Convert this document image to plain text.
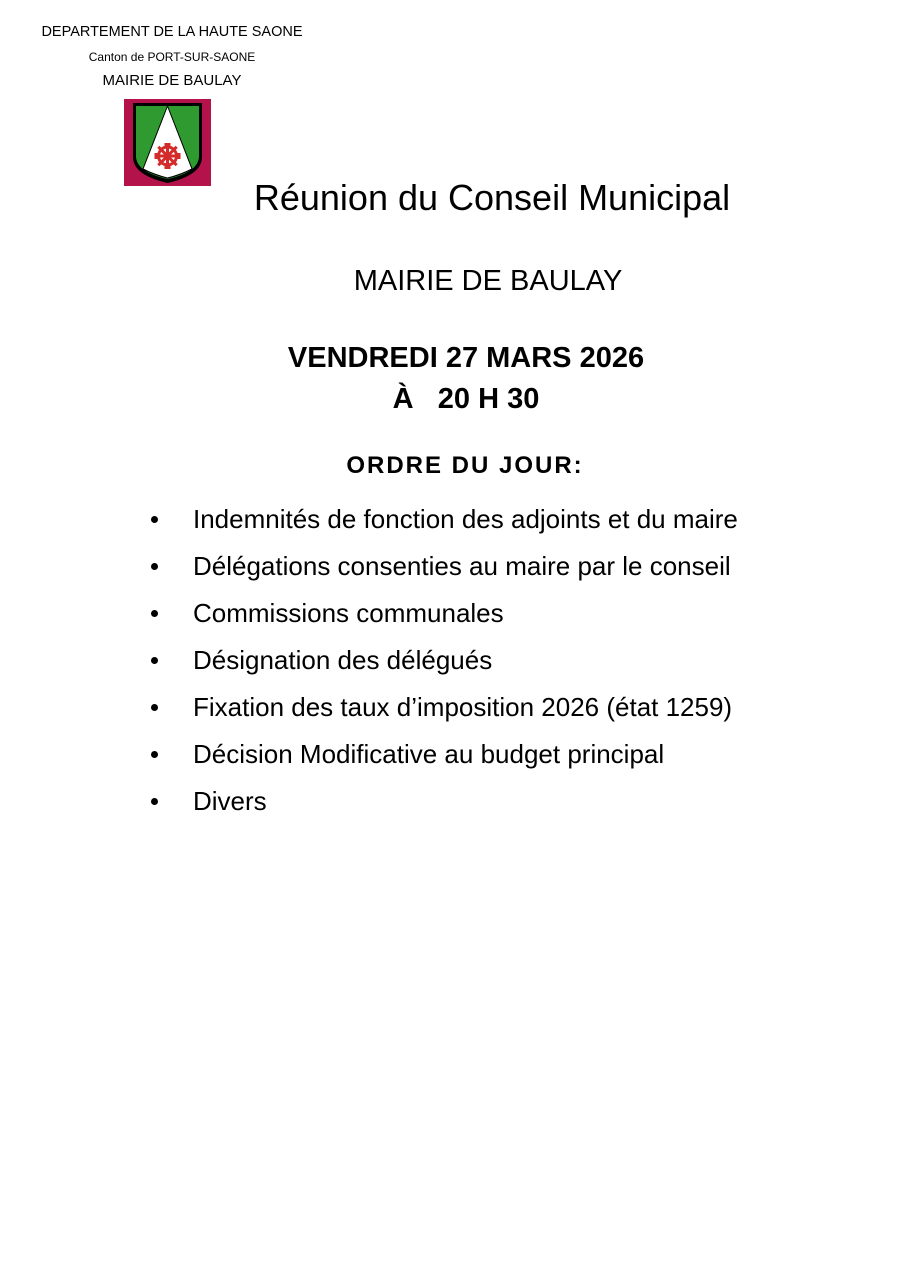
DEPARTEMENT DE LA HAUTE SAONE
Canton de PORT-SUR-SAONE
MAIRIE DE BAULAY
Réunion du Conseil Municipal
MAIRIE DE BAULAY
VENDREDI 27 MARS 2026
À   20 H 30
ORDRE DU JOUR:
Indemnités de fonction des adjoints et du maire
Délégations consenties au maire par le conseil
Commissions communales
Désignation des délégués
Fixation des taux d’imposition 2026 (état 1259)
Décision Modificative au budget principal
Divers
